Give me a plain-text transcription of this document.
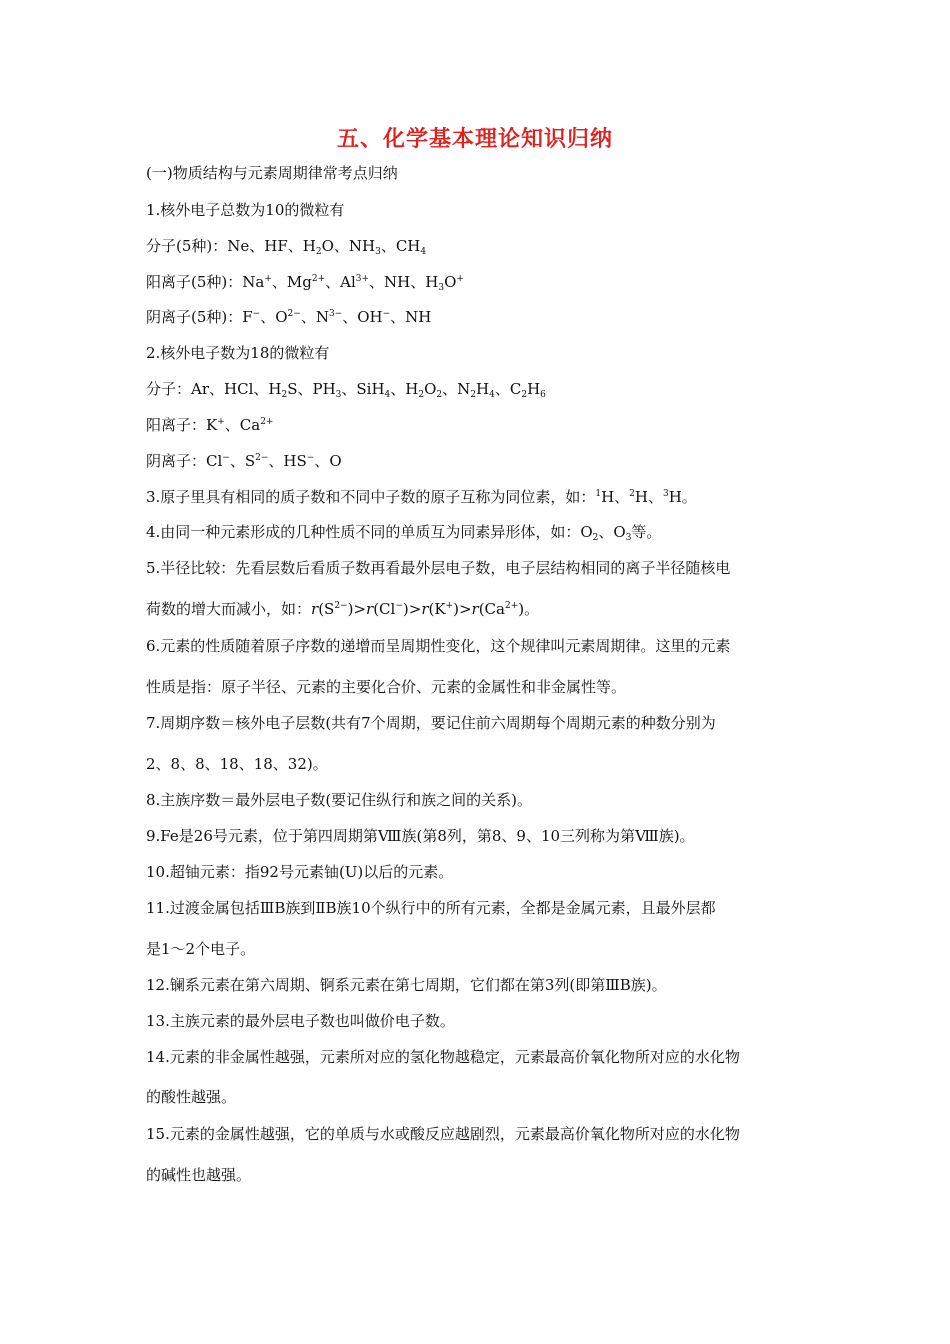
五、化学基本理论知识归纳
(一)物质结构与元素周期律常考点归纳
1.核外电子总数为10的微粒有
分子(5种)：Ne、HF、$H_2O$、$NH_3$、$CH_4$
阳离子(5种)：Na+、$Mg^{2+}$、$Al^{3+}$、NH、$H_3O^+$
阴离子(5种)：F−、$O^{2-}$、$N^{3-}$、OH−、NH
2.核外电子数为18的微粒有
分子：Ar、HCl、$H_2S$、$PH_3$、SiH$_4$、$H_2O_2$、$N_2H_4$、$C_2H_6$
阳离子：K+、$Ca^{2+}$
阴离子：Cl−、$S^{2-}$、HS−、O
3.原子里具有相同的质子数和不同中子数的原子互称为同位素，如：$^1$H、$^2$H、$^3$H。
4.由同一种元素形成的几种性质不同的单质互为同素异形体，如：$O_2$、$O_3$等。
5.半径比较：先看层数后看质子数再看最外层电子数，电子层结构相同的离子半径随核电
荷数的增大而减小，如：$r(S^{2-})>r(Cl^-)>r(K^+)>r(Ca^{2+})$。
6.元素的性质随着原子序数的递增而呈周期性变化，这个规律叫元素周期律。这里的元素
性质是指：原子半径、元素的主要化合价、元素的金属性和非金属性等。
7.周期序数＝核外电子层数(共有7个周期，要记住前六周期每个周期元素的种数分别为
2、8、8、18、18、32)。
8.主族序数＝最外层电子数(要记住纵行和族之间的关系)。
9.Fe是26号元素，位于第四周期第Ⅷ族(第8列，第8、9、10三列称为第Ⅷ族)。
10.超铀元素：指92号元素铀(U)以后的元素。
11.过渡金属包括ⅢB族到ⅡB族10个纵行中的所有元素，全都是金属元素，且最外层都
是1～2个电子。
12.镧系元素在第六周期、锕系元素在第七周期，它们都在第3列(即第ⅢB族)。
13.主族元素的最外层电子数也叫做价电子数。
14.元素的非金属性越强，元素所对应的氢化物越稳定，元素最高价氧化物所对应的水化物
的酸性越强。
15.元素的金属性越强，它的单质与水或酸反应越剧烈，元素最高价氧化物所对应的水化物
的碱性也越强。
